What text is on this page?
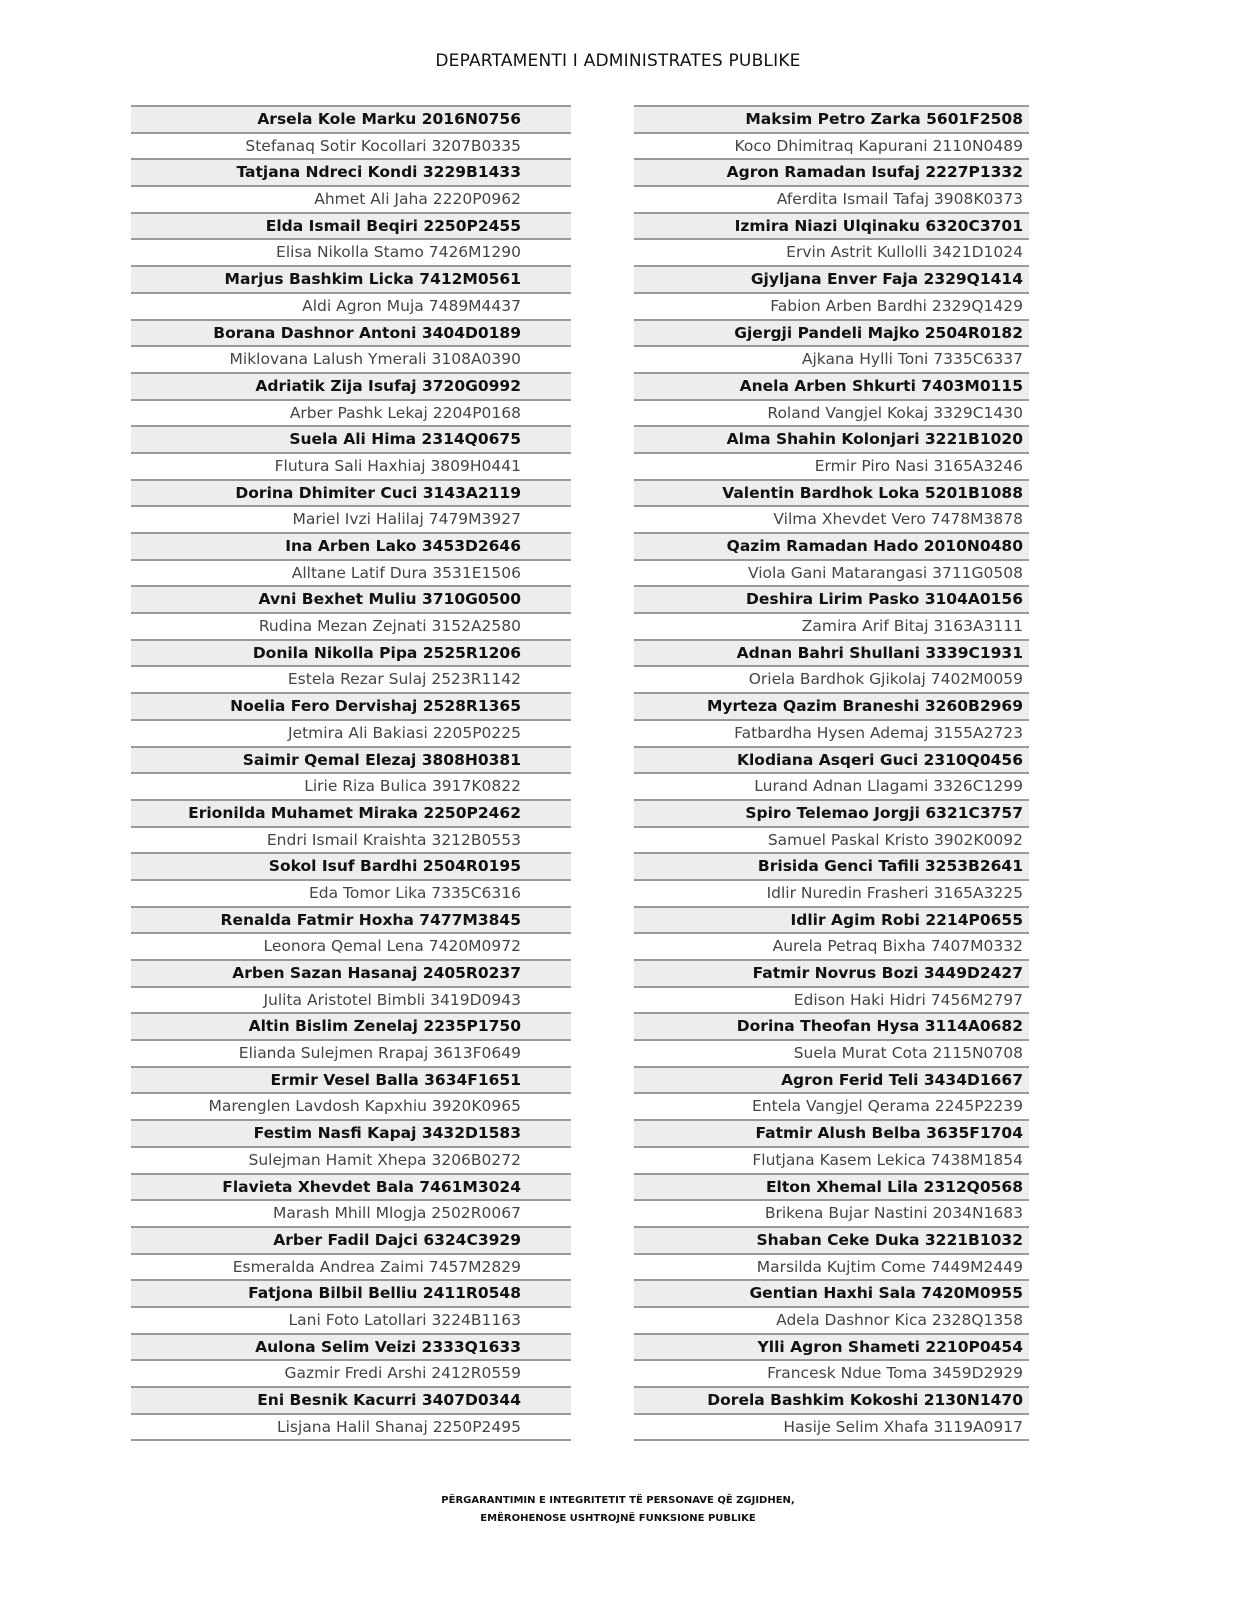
DEPARTAMENTI I ADMINISTRATES PUBLIKE
Arsela Kole Marku 2016N0756
Stefanaq Sotir Kocollari 3207B0335
Tatjana Ndreci Kondi 3229B1433
Ahmet Ali Jaha 2220P0962
Elda Ismail Beqiri 2250P2455
Elisa Nikolla Stamo 7426M1290
Marjus Bashkim Licka 7412M0561
Aldi Agron Muja 7489M4437
Borana Dashnor Antoni 3404D0189
Miklovana Lalush Ymerali 3108A0390
Adriatik Zija Isufaj 3720G0992
Arber Pashk Lekaj 2204P0168
Suela Ali Hima 2314Q0675
Flutura Sali Haxhiaj 3809H0441
Dorina Dhimiter Cuci 3143A2119
Mariel Ivzi Halilaj 7479M3927
Ina Arben Lako 3453D2646
Alltane Latif Dura 3531E1506
Avni Bexhet Muliu 3710G0500
Rudina Mezan Zejnati 3152A2580
Donila Nikolla Pipa 2525R1206
Estela Rezar Sulaj 2523R1142
Noelia Fero Dervishaj 2528R1365
Jetmira Ali Bakiasi 2205P0225
Saimir Qemal Elezaj 3808H0381
Lirie Riza Bulica 3917K0822
Erionilda Muhamet Miraka 2250P2462
Endri Ismail Kraishta 3212B0553
Sokol Isuf Bardhi 2504R0195
Eda Tomor Lika 7335C6316
Renalda Fatmir Hoxha 7477M3845
Leonora Qemal Lena 7420M0972
Arben Sazan Hasanaj 2405R0237
Julita Aristotel Bimbli 3419D0943
Altin Bislim Zenelaj 2235P1750
Elianda Sulejmen Rrapaj 3613F0649
Ermir Vesel Balla 3634F1651
Marenglen Lavdosh Kapxhiu 3920K0965
Festim Nasfi Kapaj 3432D1583
Sulejman Hamit Xhepa 3206B0272
Flavieta Xhevdet Bala 7461M3024
Marash Mhill Mlogja 2502R0067
Arber Fadil Dajci 6324C3929
Esmeralda Andrea Zaimi 7457M2829
Fatjona Bilbil Belliu 2411R0548
Lani Foto Latollari 3224B1163
Aulona Selim Veizi 2333Q1633
Gazmir Fredi Arshi 2412R0559
Eni Besnik Kacurri 3407D0344
Lisjana Halil Shanaj 2250P2495
Maksim Petro Zarka 5601F2508
Koco Dhimitraq Kapurani 2110N0489
Agron Ramadan Isufaj 2227P1332
Aferdita Ismail Tafaj 3908K0373
Izmira Niazi Ulqinaku 6320C3701
Ervin Astrit Kullolli 3421D1024
Gjyljana Enver Faja 2329Q1414
Fabion Arben Bardhi 2329Q1429
Gjergji Pandeli Majko 2504R0182
Ajkana Hylli Toni 7335C6337
Anela Arben Shkurti 7403M0115
Roland Vangjel Kokaj 3329C1430
Alma Shahin Kolonjari 3221B1020
Ermir Piro Nasi 3165A3246
Valentin Bardhok Loka 5201B1088
Vilma Xhevdet Vero 7478M3878
Qazim Ramadan Hado 2010N0480
Viola Gani Matarangasi 3711G0508
Deshira Lirim Pasko 3104A0156
Zamira Arif Bitaj 3163A3111
Adnan Bahri Shullani 3339C1931
Oriela Bardhok Gjikolaj 7402M0059
Myrteza Qazim Braneshi 3260B2969
Fatbardha Hysen Ademaj 3155A2723
Klodiana Asqeri Guci 2310Q0456
Lurand Adnan Llagami 3326C1299
Spiro Telemao Jorgji 6321C3757
Samuel Paskal Kristo 3902K0092
Brisida Genci Tafili 3253B2641
Idlir Nuredin Frasheri 3165A3225
Idlir Agim Robi 2214P0655
Aurela Petraq Bixha 7407M0332
Fatmir Novrus Bozi 3449D2427
Edison Haki Hidri 7456M2797
Dorina Theofan Hysa 3114A0682
Suela Murat Cota 2115N0708
Agron Ferid Teli 3434D1667
Entela Vangjel Qerama 2245P2239
Fatmir Alush Belba 3635F1704
Flutjana Kasem Lekica 7438M1854
Elton Xhemal Lila 2312Q0568
Brikena Bujar Nastini 2034N1683
Shaban Ceke Duka 3221B1032
Marsilda Kujtim Come 7449M2449
Gentian Haxhi Sala 7420M0955
Adela Dashnor Kica 2328Q1358
Ylli Agron Shameti 2210P0454
Francesk Ndue Toma 3459D2929
Dorela Bashkim Kokoshi 2130N1470
Hasije Selim Xhafa 3119A0917
PËRGARANTIMIN E INTEGRITETIT TË PERSONAVE QË ZGJIDHEN,
EMËROHENOSE USHTROJNË FUNKSIONE PUBLIKE
